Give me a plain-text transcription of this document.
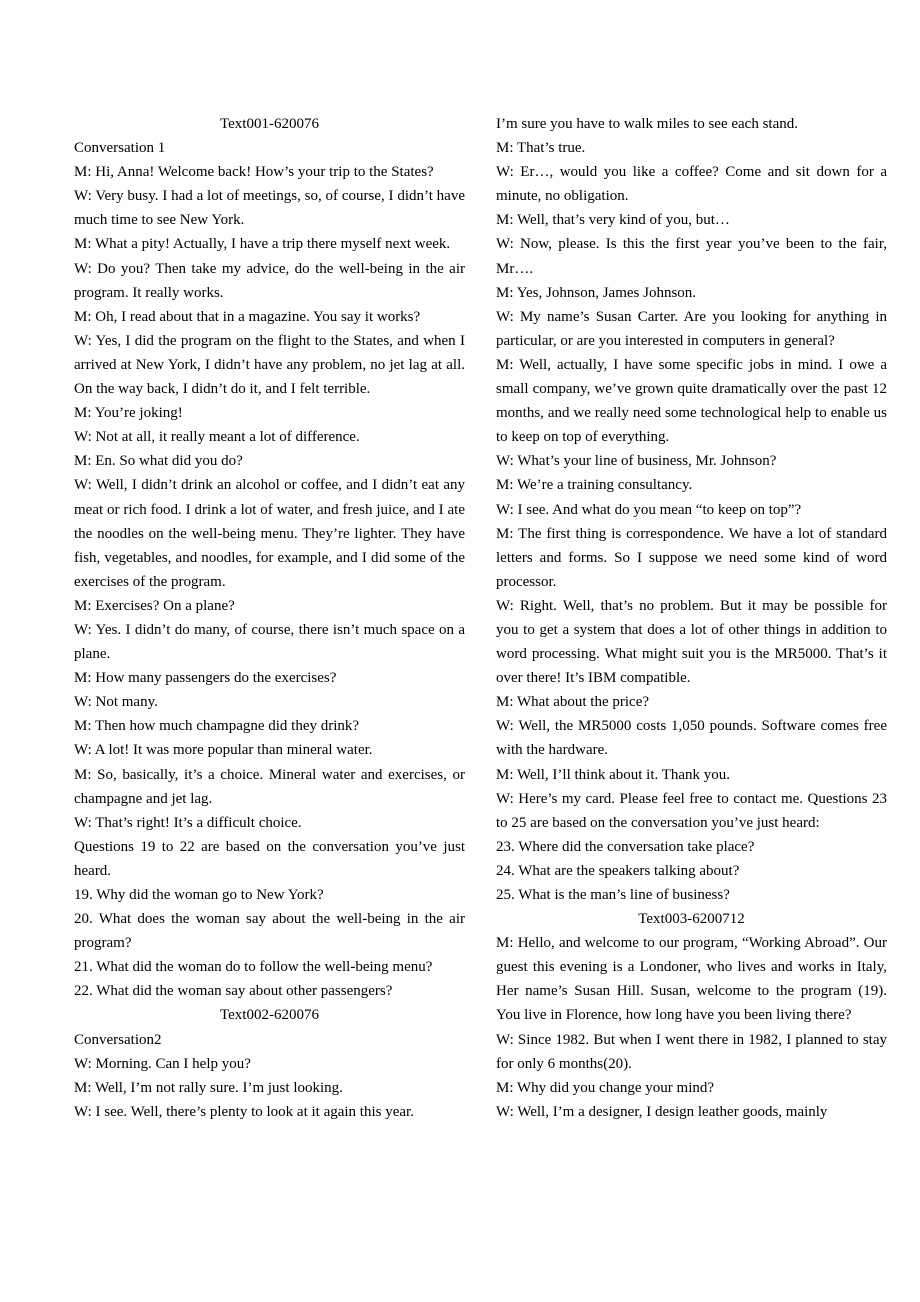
Text001-620076

Conversation 1

M: Hi, Anna! Welcome back! How’s your trip to the States?

W: Very busy. I had a lot of meetings, so, of course, I didn’t have much time to see New York.

M: What a pity! Actually, I have a trip there myself next week.

W: Do you? Then take my advice, do the well-being in the air program. It really works.

M: Oh, I read about that in a magazine. You say it works?

W: Yes, I did the program on the flight to the States, and when I arrived at New York, I didn’t have any problem, no jet lag at all. On the way back, I didn’t do it, and I felt terrible.

M: You’re joking!

W: Not at all, it really meant a lot of difference.

M: En. So what did you do?

W: Well, I didn’t drink an alcohol or coffee, and I didn’t eat any meat or rich food. I drink a lot of water, and fresh juice, and I ate the noodles on the well-being menu. They’re lighter. They have fish, vegetables, and noodles, for example, and I did some of the exercises of the program.

M: Exercises? On a plane?

W: Yes. I didn’t do many, of course, there isn’t much space on a plane.

M: How many passengers do the exercises?

W: Not many.

M: Then how much champagne did they drink?

W: A lot! It was more popular than mineral water.

M: So, basically, it’s a choice. Mineral water and exercises, or champagne and jet lag.

W: That’s right! It’s a difficult choice.

Questions 19 to 22 are based on the conversation you’ve just heard.

19. Why did the woman go to New York?

20. What does the woman say about the well-being in the air program?

21. What did the woman do to follow the well-being menu?

22. What did the woman say about other passengers?

Text002-620076

Conversation2

W: Morning. Can I help you?

M: Well, I’m not rally sure. I’m just looking.

W: I see. Well, there’s plenty to look at it again this year.

I’m sure you have to walk miles to see each stand.

M: That’s true.

W: Er…, would you like a coffee? Come and sit down for a minute, no obligation.

M: Well, that’s very kind of you, but…

W: Now, please. Is this the first year you’ve been to the fair, Mr….

M: Yes, Johnson, James Johnson.

W: My name’s Susan Carter. Are you looking for anything in particular, or are you interested in computers in general?

M: Well, actually, I have some specific jobs in mind. I owe a small company, we’ve grown quite dramatically over the past 12 months, and we really need some technological help to enable us to keep on top of everything.

W: What’s your line of business, Mr. Johnson?

M: We’re a training consultancy.

W: I see. And what do you mean “to keep on top”?

M: The first thing is correspondence. We have a lot of standard letters and forms. So I suppose we need some kind of word processor.

W: Right. Well, that’s no problem. But it may be possible for you to get a system that does a lot of other things in addition to word processing. What might suit you is the MR5000. That’s it over there! It’s IBM compatible.

M: What about the price?

W: Well, the MR5000 costs 1,050 pounds. Software comes free with the hardware.

M: Well, I’ll think about it. Thank you.

W: Here’s my card. Please feel free to contact me. Questions 23 to 25 are based on the conversation you’ve just heard:

23. Where did the conversation take place?

24. What are the speakers talking about?

25. What is the man’s line of business?

Text003-6200712

M: Hello, and welcome to our program, “Working Abroad”. Our guest this evening is a Londoner, who lives and works in Italy, Her name’s Susan Hill. Susan, welcome to the program (19). You live in Florence, how long have you been living there?

W: Since 1982. But when I went there in 1982, I planned to stay for only 6 months(20).

M: Why did you change your mind?

W: Well, I’m a designer, I design leather goods, mainly
